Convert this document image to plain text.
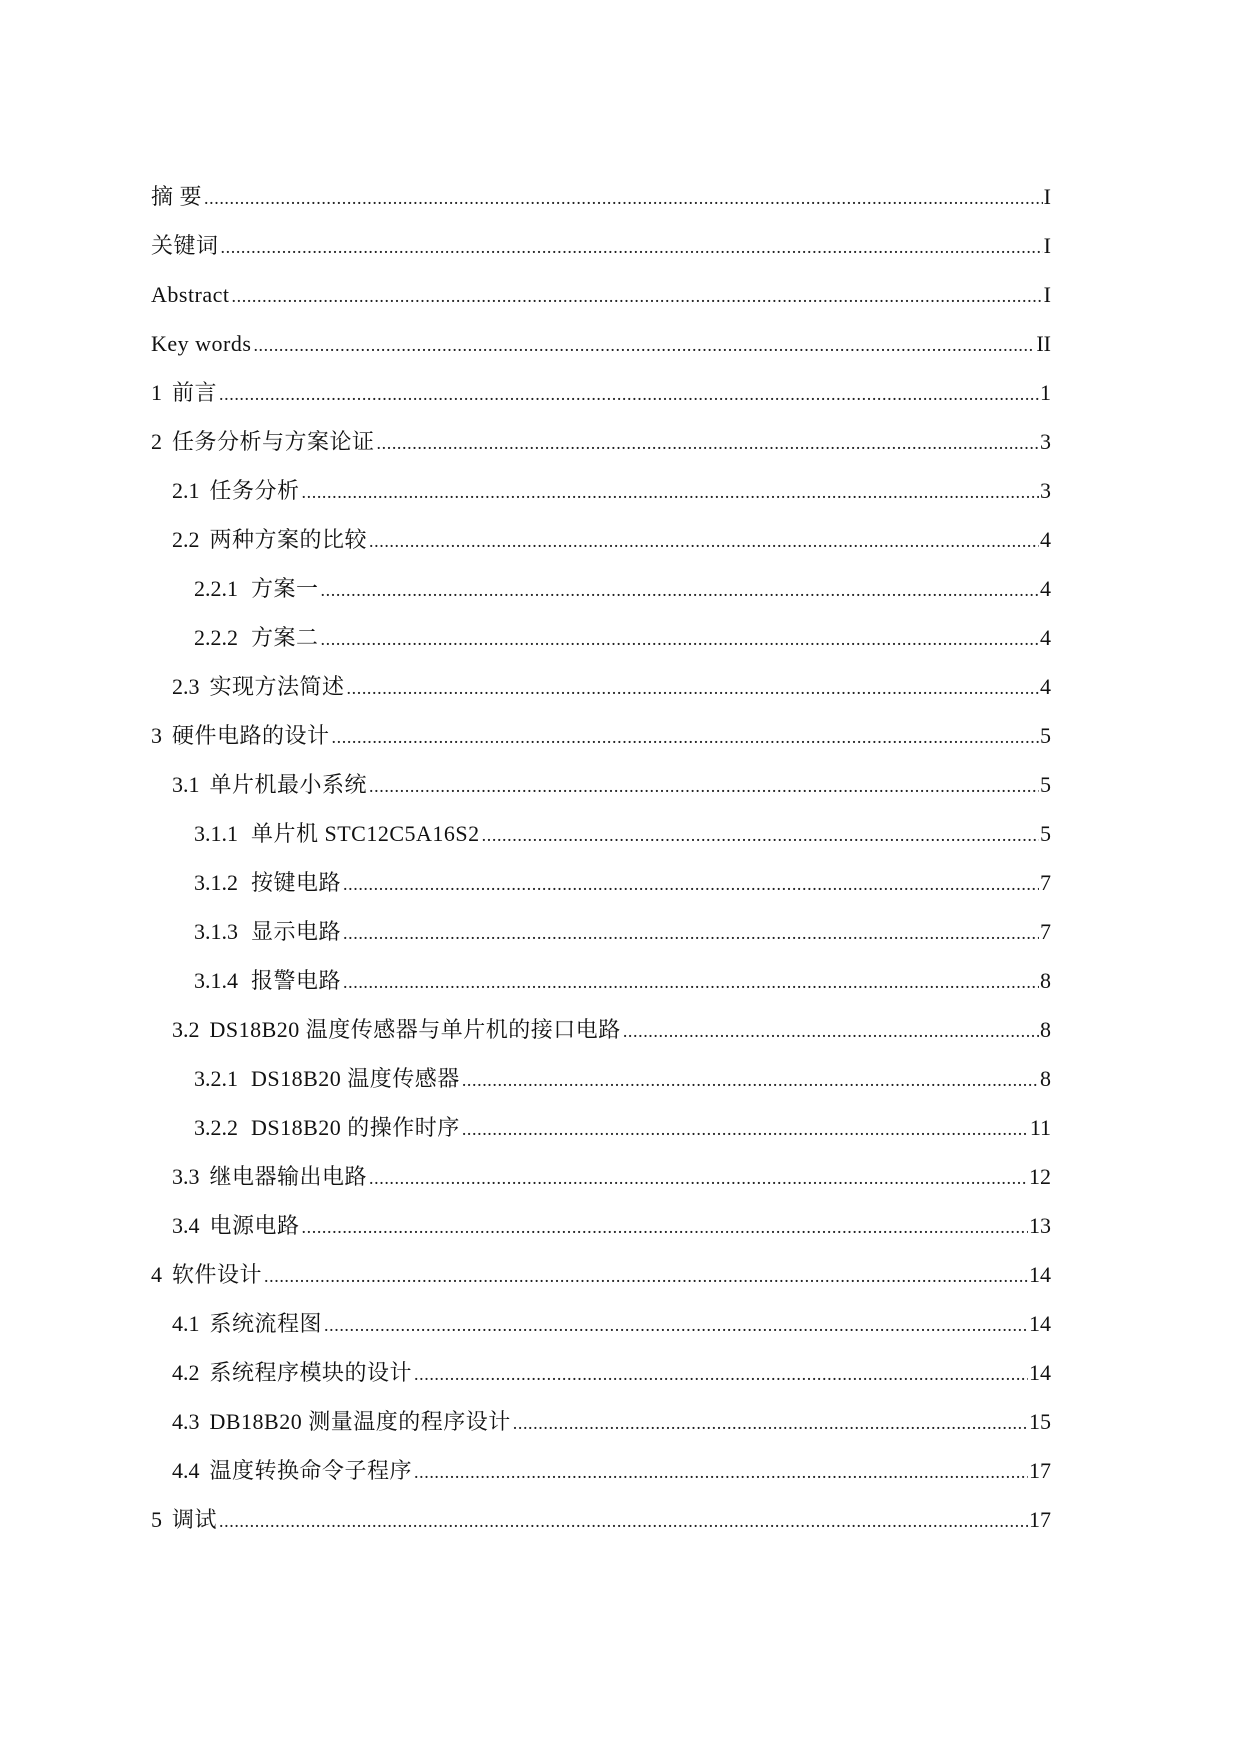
摘 要 .....	I
关键词 .....	I
Abstract .....	I
Key words .....	II
1 前言 .....	1
2 任务分析与方案论证 .....	3
2.1 任务分析 .....	3
2.2 两种方案的比较 .....	4
2.2.1 方案一 .....	4
2.2.2 方案二 .....	4
2.3 实现方法简述 .....	4
3 硬件电路的设计 .....	5
3.1 单片机最小系统 .....	5
3.1.1 单片机 STC12C5A16S2 .....	5
3.1.2 按键电路 .....	7
3.1.3 显示电路 .....	7
3.1.4 报警电路 .....	8
3.2 DS18B20 温度传感器与单片机的接口电路 .....	8
3.2.1 DS18B20 温度传感器 .....	8
3.2.2 DS18B20 的操作时序 .....	11
3.3 继电器输出电路 .....	12
3.4 电源电路 .....	13
4 软件设计 .....	14
4.1 系统流程图 .....	14
4.2 系统程序模块的设计 .....	14
4.3 DB18B20 测量温度的程序设计 .....	15
4.4 温度转换命令子程序 .....	17
5 调试 .....	17
